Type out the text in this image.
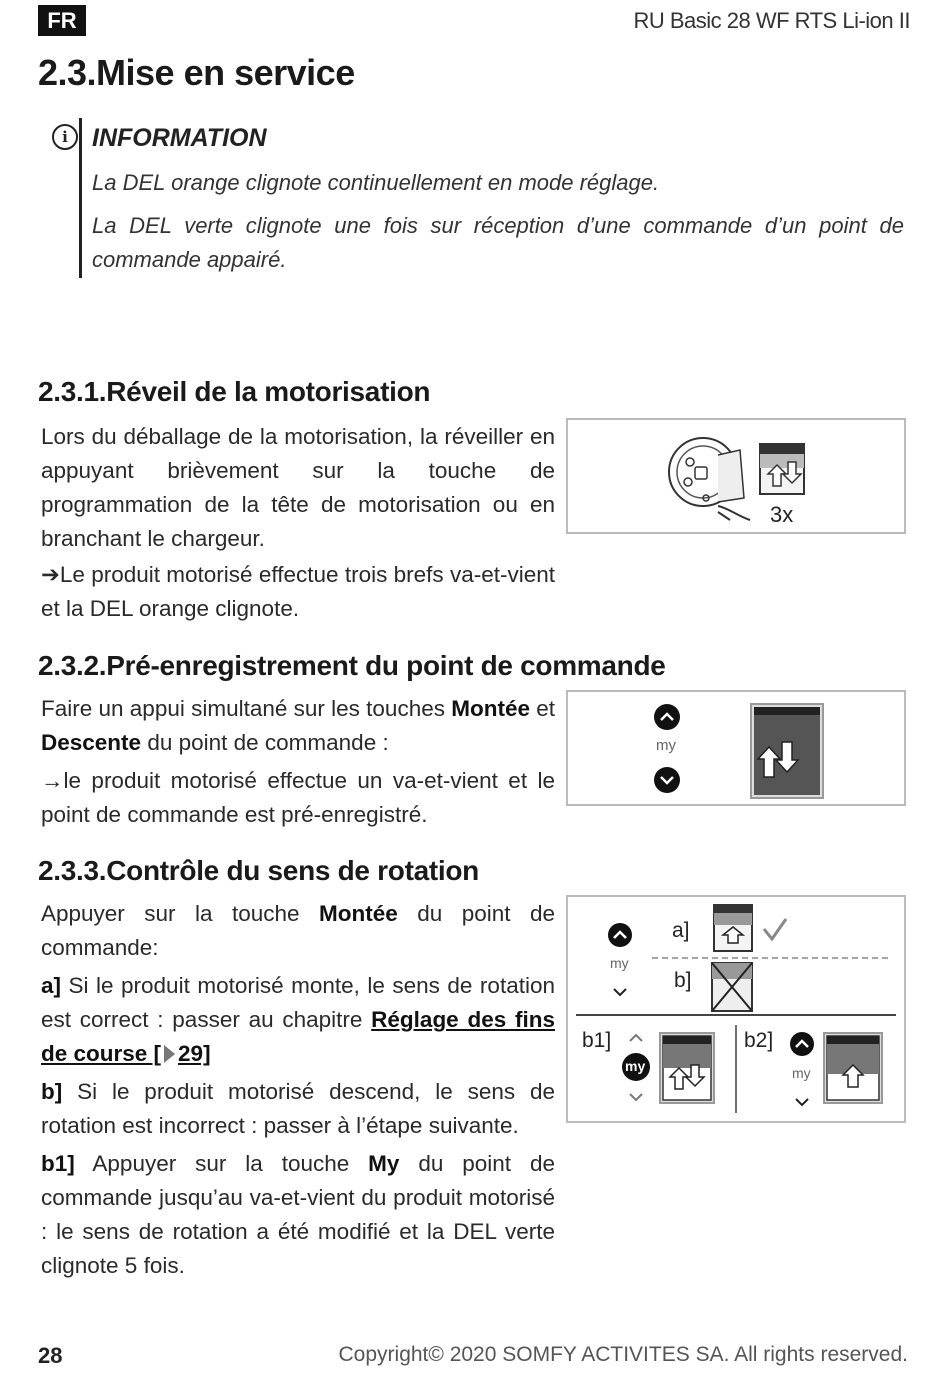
FR	RU Basic 28 WF RTS Li-ion II
2.3.Mise en service
i INFORMATION
La DEL orange clignote continuellement en mode réglage.
La DEL verte clignote une fois sur réception d’une commande d’un point de commande appairé.
2.3.1.Réveil de la motorisation
Lors du déballage de la motorisation, la réveiller en appuyant brièvement sur la touche de programmation de la tête de motorisation ou en branchant le chargeur.
➔Le produit motorisé effectue trois brefs va-et-vient et la DEL orange clignote.
3x
2.3.2.Pré-enregistrement du point de commande
Faire un appui simultané sur les touches Montée et Descente du point de commande :
→le produit motorisé effectue un va-et-vient et le point de commande est pré-enregistré.
my
2.3.3.Contrôle du sens de rotation
Appuyer sur la touche Montée du point de commande:
a] Si le produit motorisé monte, le sens de rotation est correct : passer au chapitre Réglage des fins de course [ 29]
b] Si le produit motorisé descend, le sens de rotation est incorrect : passer à l’étape suivante.
b1] Appuyer sur la touche My du point de commande jusqu’au va-et-vient du produit motorisé : le sens de rotation a été modifié et la DEL verte clignote 5 fois.
a]
my
b]
b1]
my
b2]
my
28	Copyright© 2020 SOMFY ACTIVITES SA. All rights reserved.
